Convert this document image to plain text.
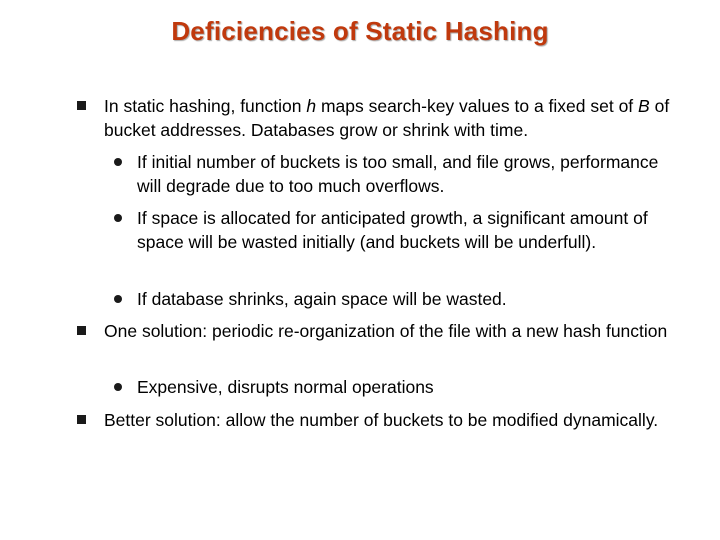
Deficiencies of Static Hashing
In static hashing, function h maps search-key values to a fixed set of B of bucket addresses. Databases grow or shrink with time.
If initial number of buckets is too small, and file grows, performance will degrade due to too much overflows.
If space is allocated for anticipated growth, a significant amount of space will be wasted initially (and buckets will be underfull).
If database shrinks, again space will be wasted.
One solution: periodic re-organization of the file with a new hash function
Expensive, disrupts normal operations
Better solution: allow the number of buckets to be modified dynamically.
